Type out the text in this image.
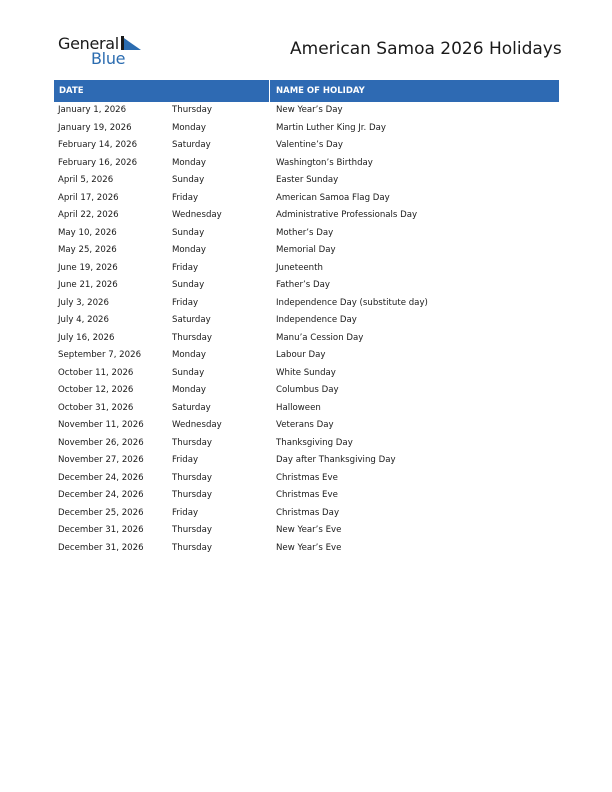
General
Blue	American Samoa 2026 Holidays
DATE	NAME OF HOLIDAY
January 1, 2026	Thursday	New Year’s Day
January 19, 2026	Monday	Martin Luther King Jr. Day
February 14, 2026	Saturday	Valentine’s Day
February 16, 2026	Monday	Washington’s Birthday
April 5, 2026	Sunday	Easter Sunday
April 17, 2026	Friday	American Samoa Flag Day
April 22, 2026	Wednesday	Administrative Professionals Day
May 10, 2026	Sunday	Mother’s Day
May 25, 2026	Monday	Memorial Day
June 19, 2026	Friday	Juneteenth
June 21, 2026	Sunday	Father’s Day
July 3, 2026	Friday	Independence Day (substitute day)
July 4, 2026	Saturday	Independence Day
July 16, 2026	Thursday	Manu’a Cession Day
September 7, 2026	Monday	Labour Day
October 11, 2026	Sunday	White Sunday
October 12, 2026	Monday	Columbus Day
October 31, 2026	Saturday	Halloween
November 11, 2026	Wednesday	Veterans Day
November 26, 2026	Thursday	Thanksgiving Day
November 27, 2026	Friday	Day after Thanksgiving Day
December 24, 2026	Thursday	Christmas Eve
December 24, 2026	Thursday	Christmas Eve
December 25, 2026	Friday	Christmas Day
December 31, 2026	Thursday	New Year’s Eve
December 31, 2026	Thursday	New Year’s Eve
